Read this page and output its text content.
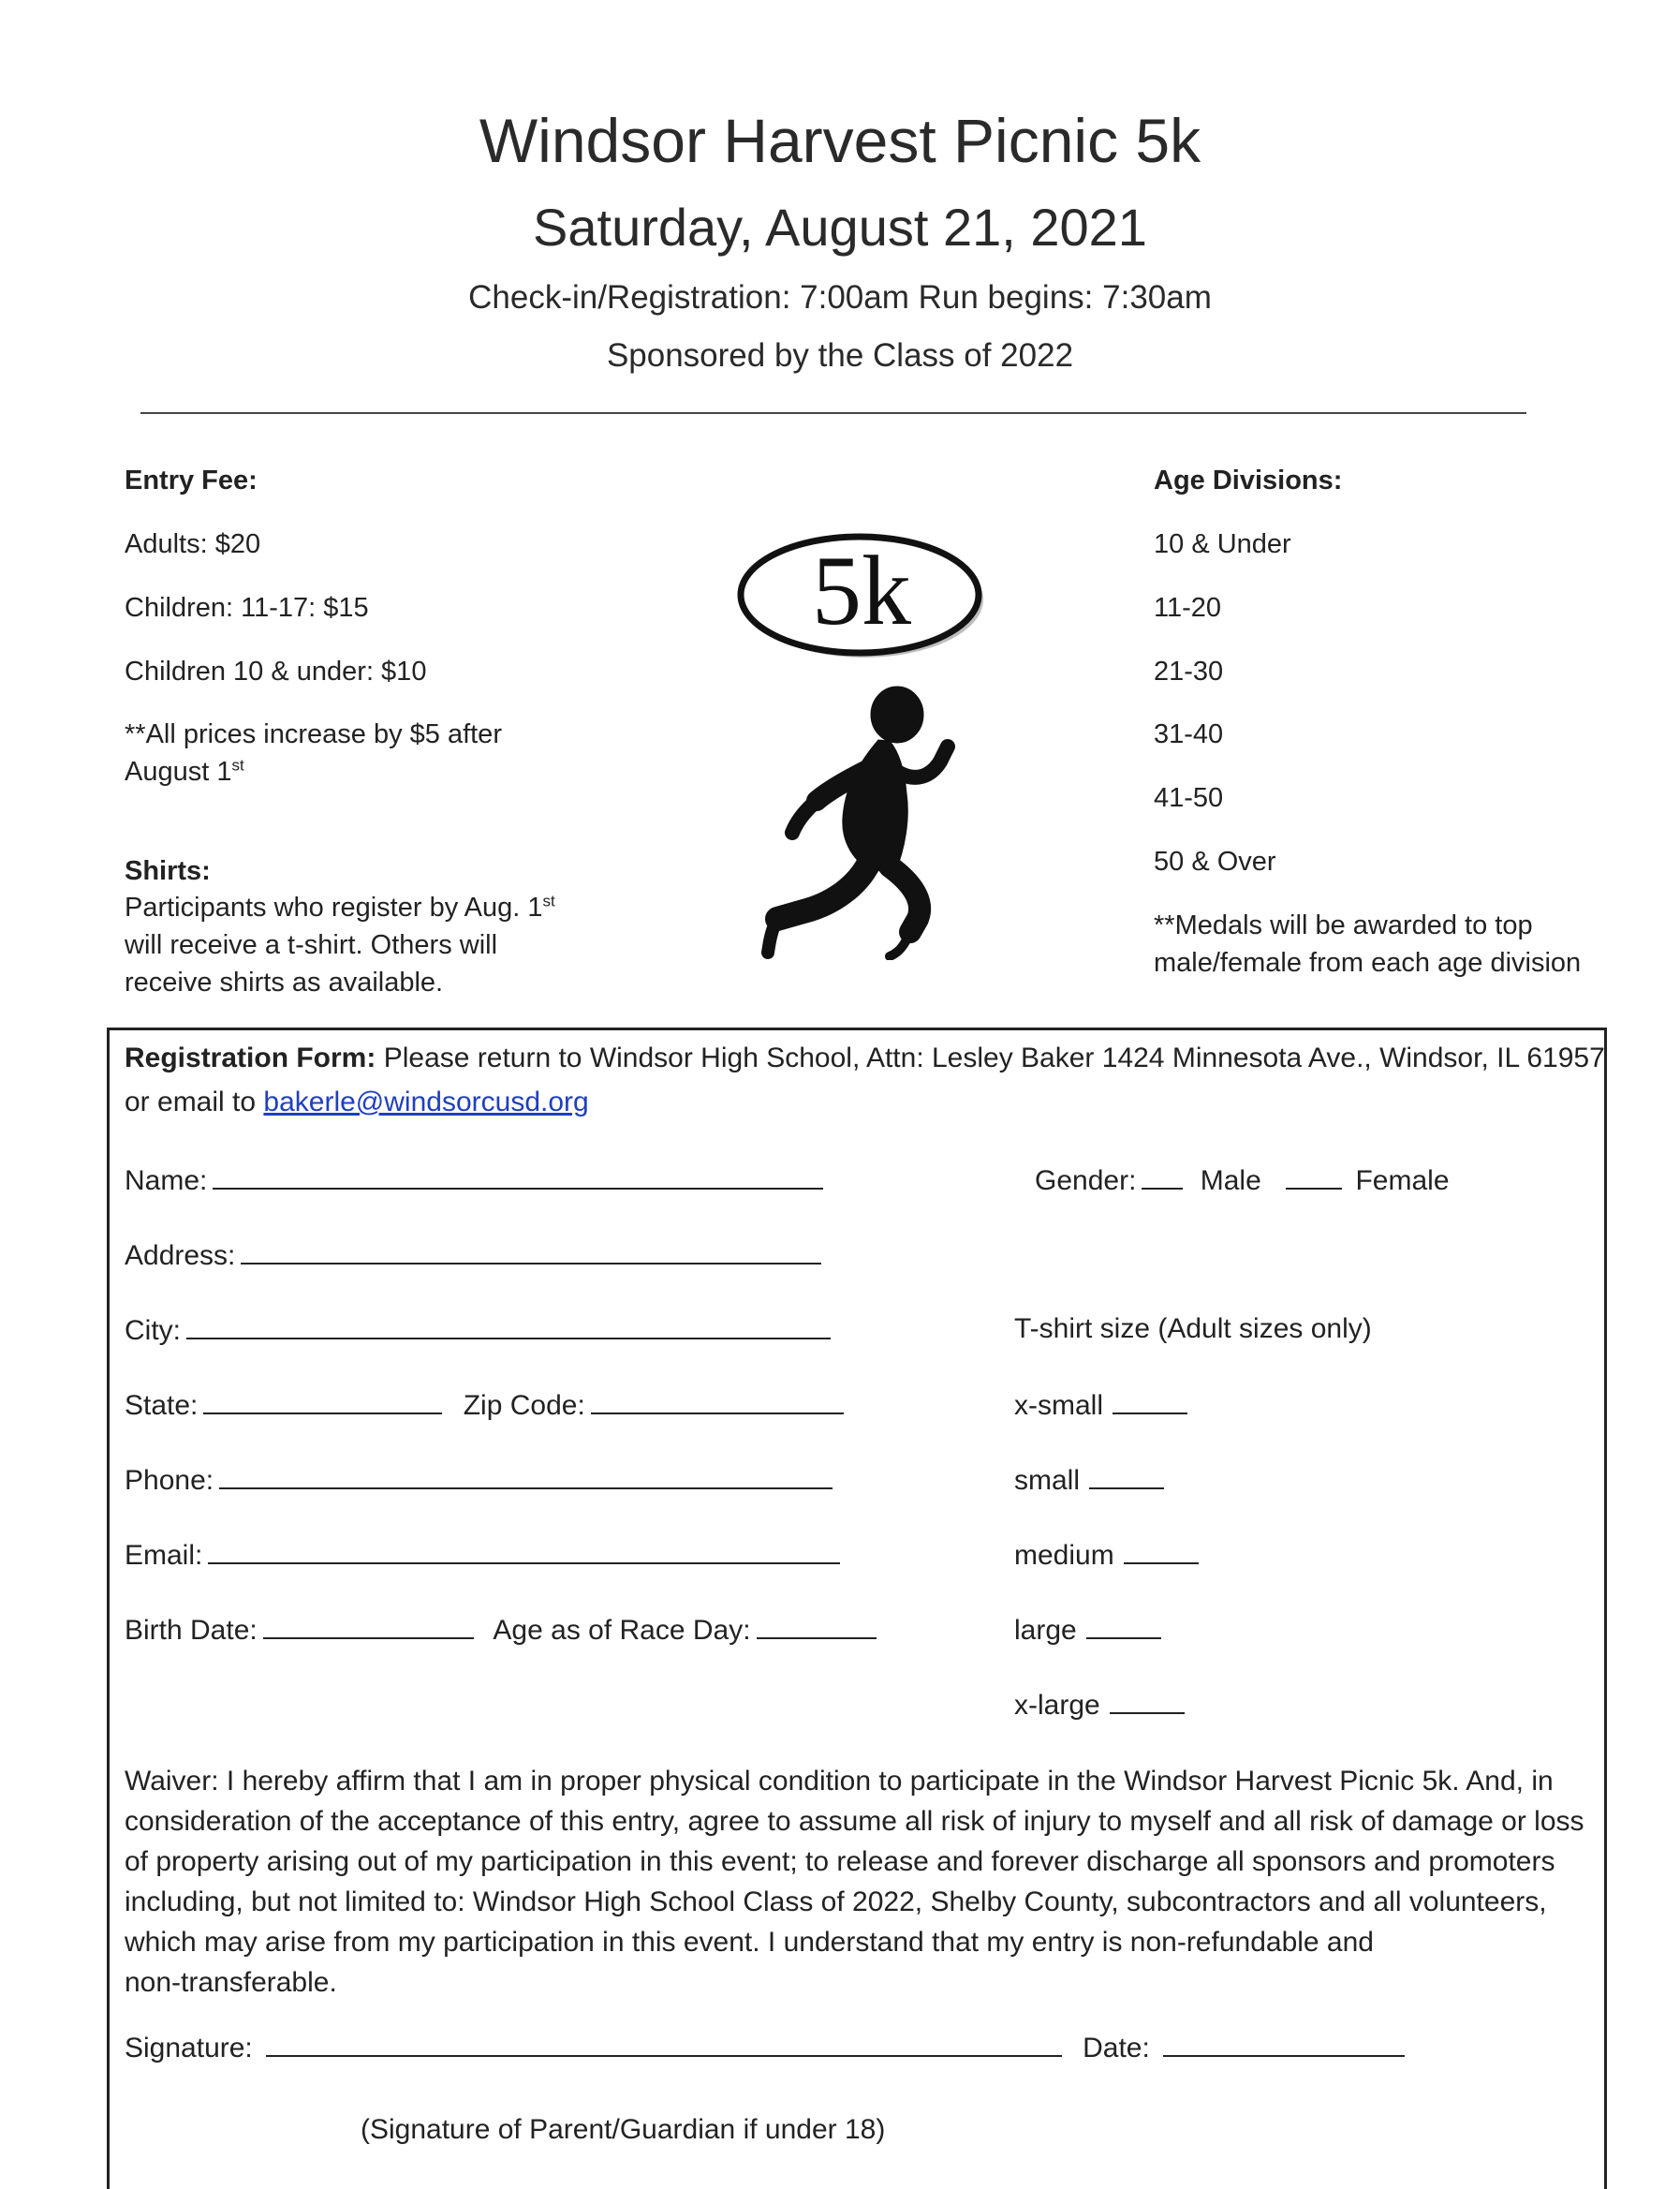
Windsor Harvest Picnic 5k
Saturday, August 21, 2021
Check-in/Registration: 7:00am Run begins: 7:30am
Sponsored by the Class of 2022
Entry Fee:
Adults: $20
Children: 11-17: $15
Children 10 & under: $10
**All prices increase by $5 after
August 1st
Shirts:
Participants who register by Aug. 1st
will receive a t-shirt. Others will
receive shirts as available.
5k
Age Divisions:
10 & Under
11-20
21-30
31-40
41-50
50 & Over
**Medals will be awarded to top
male/female from each age division
Registration Form: Please return to Windsor High School, Attn: Lesley Baker 1424 Minnesota Ave., Windsor, IL 61957
or email to bakerle@windsorcusd.org
Name:
Address:
City:
State:	Zip Code:
Phone:
Email:
Birth Date:	Age as of Race Day:
Gender: Male	Female
T-shirt size (Adult sizes only)
x-small
small
medium
large
x-large
Waiver: I hereby affirm that I am in proper physical condition to participate in the Windsor Harvest Picnic 5k. And, in
consideration of the acceptance of this entry, agree to assume all risk of injury to myself and all risk of damage or loss
of property arising out of my participation in this event; to release and forever discharge all sponsors and promoters
including, but not limited to: Windsor High School Class of 2022, Shelby County, subcontractors and all volunteers,
which may arise from my participation in this event. I understand that my entry is non-refundable and
non-transferable.
Signature:	Date:
(Signature of Parent/Guardian if under 18)
